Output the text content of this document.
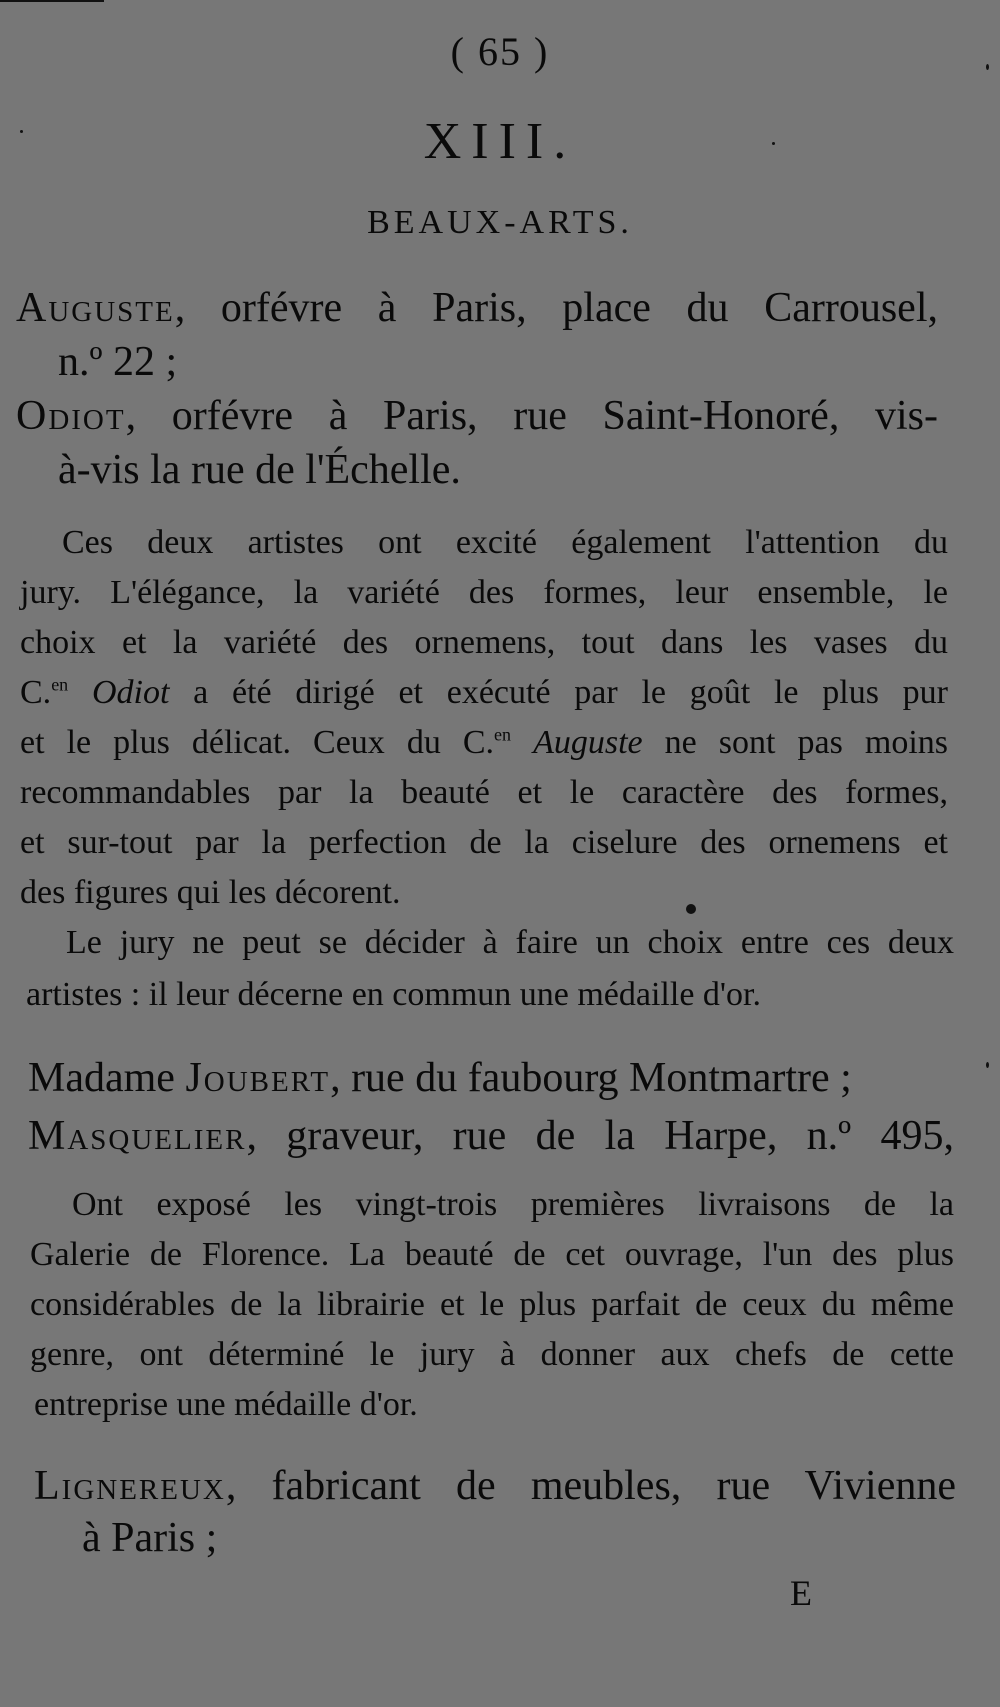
( 65 )
XIII.
BEAUX-ARTS.
Auguste, orfévre à Paris, place du Carrousel,
n.º 22 ;
Odiot, orfévre à Paris, rue Saint-Honoré, vis-
à-vis la rue de l'Échelle.
Ces deux artistes ont excité également l'attention du
jury. L'élégance, la variété des formes, leur ensemble, le
choix et la variété des ornemens, tout dans les vases du
C.$^{en}$ Odiot a été dirigé et exécuté par le goût le plus pur
et le plus délicat. Ceux du C.$^{en}$ Auguste ne sont pas moins
recommandables par la beauté et le caractère des formes,
et sur-tout par la perfection de la ciselure des ornemens et
des figures qui les décorent.
Le jury ne peut se décider à faire un choix entre ces deux
artistes : il leur décerne en commun une médaille d'or.
Madame Joubert, rue du faubourg Montmartre ;
Masquelier, graveur, rue de la Harpe, n.º 495,
Ont exposé les vingt-trois premières livraisons de la
Galerie de Florence. La beauté de cet ouvrage, l'un des plus
considérables de la librairie et le plus parfait de ceux du même
genre, ont déterminé le jury à donner aux chefs de cette
entreprise une médaille d'or.
Lignereux, fabricant de meubles, rue Vivienne
à Paris ;
E
